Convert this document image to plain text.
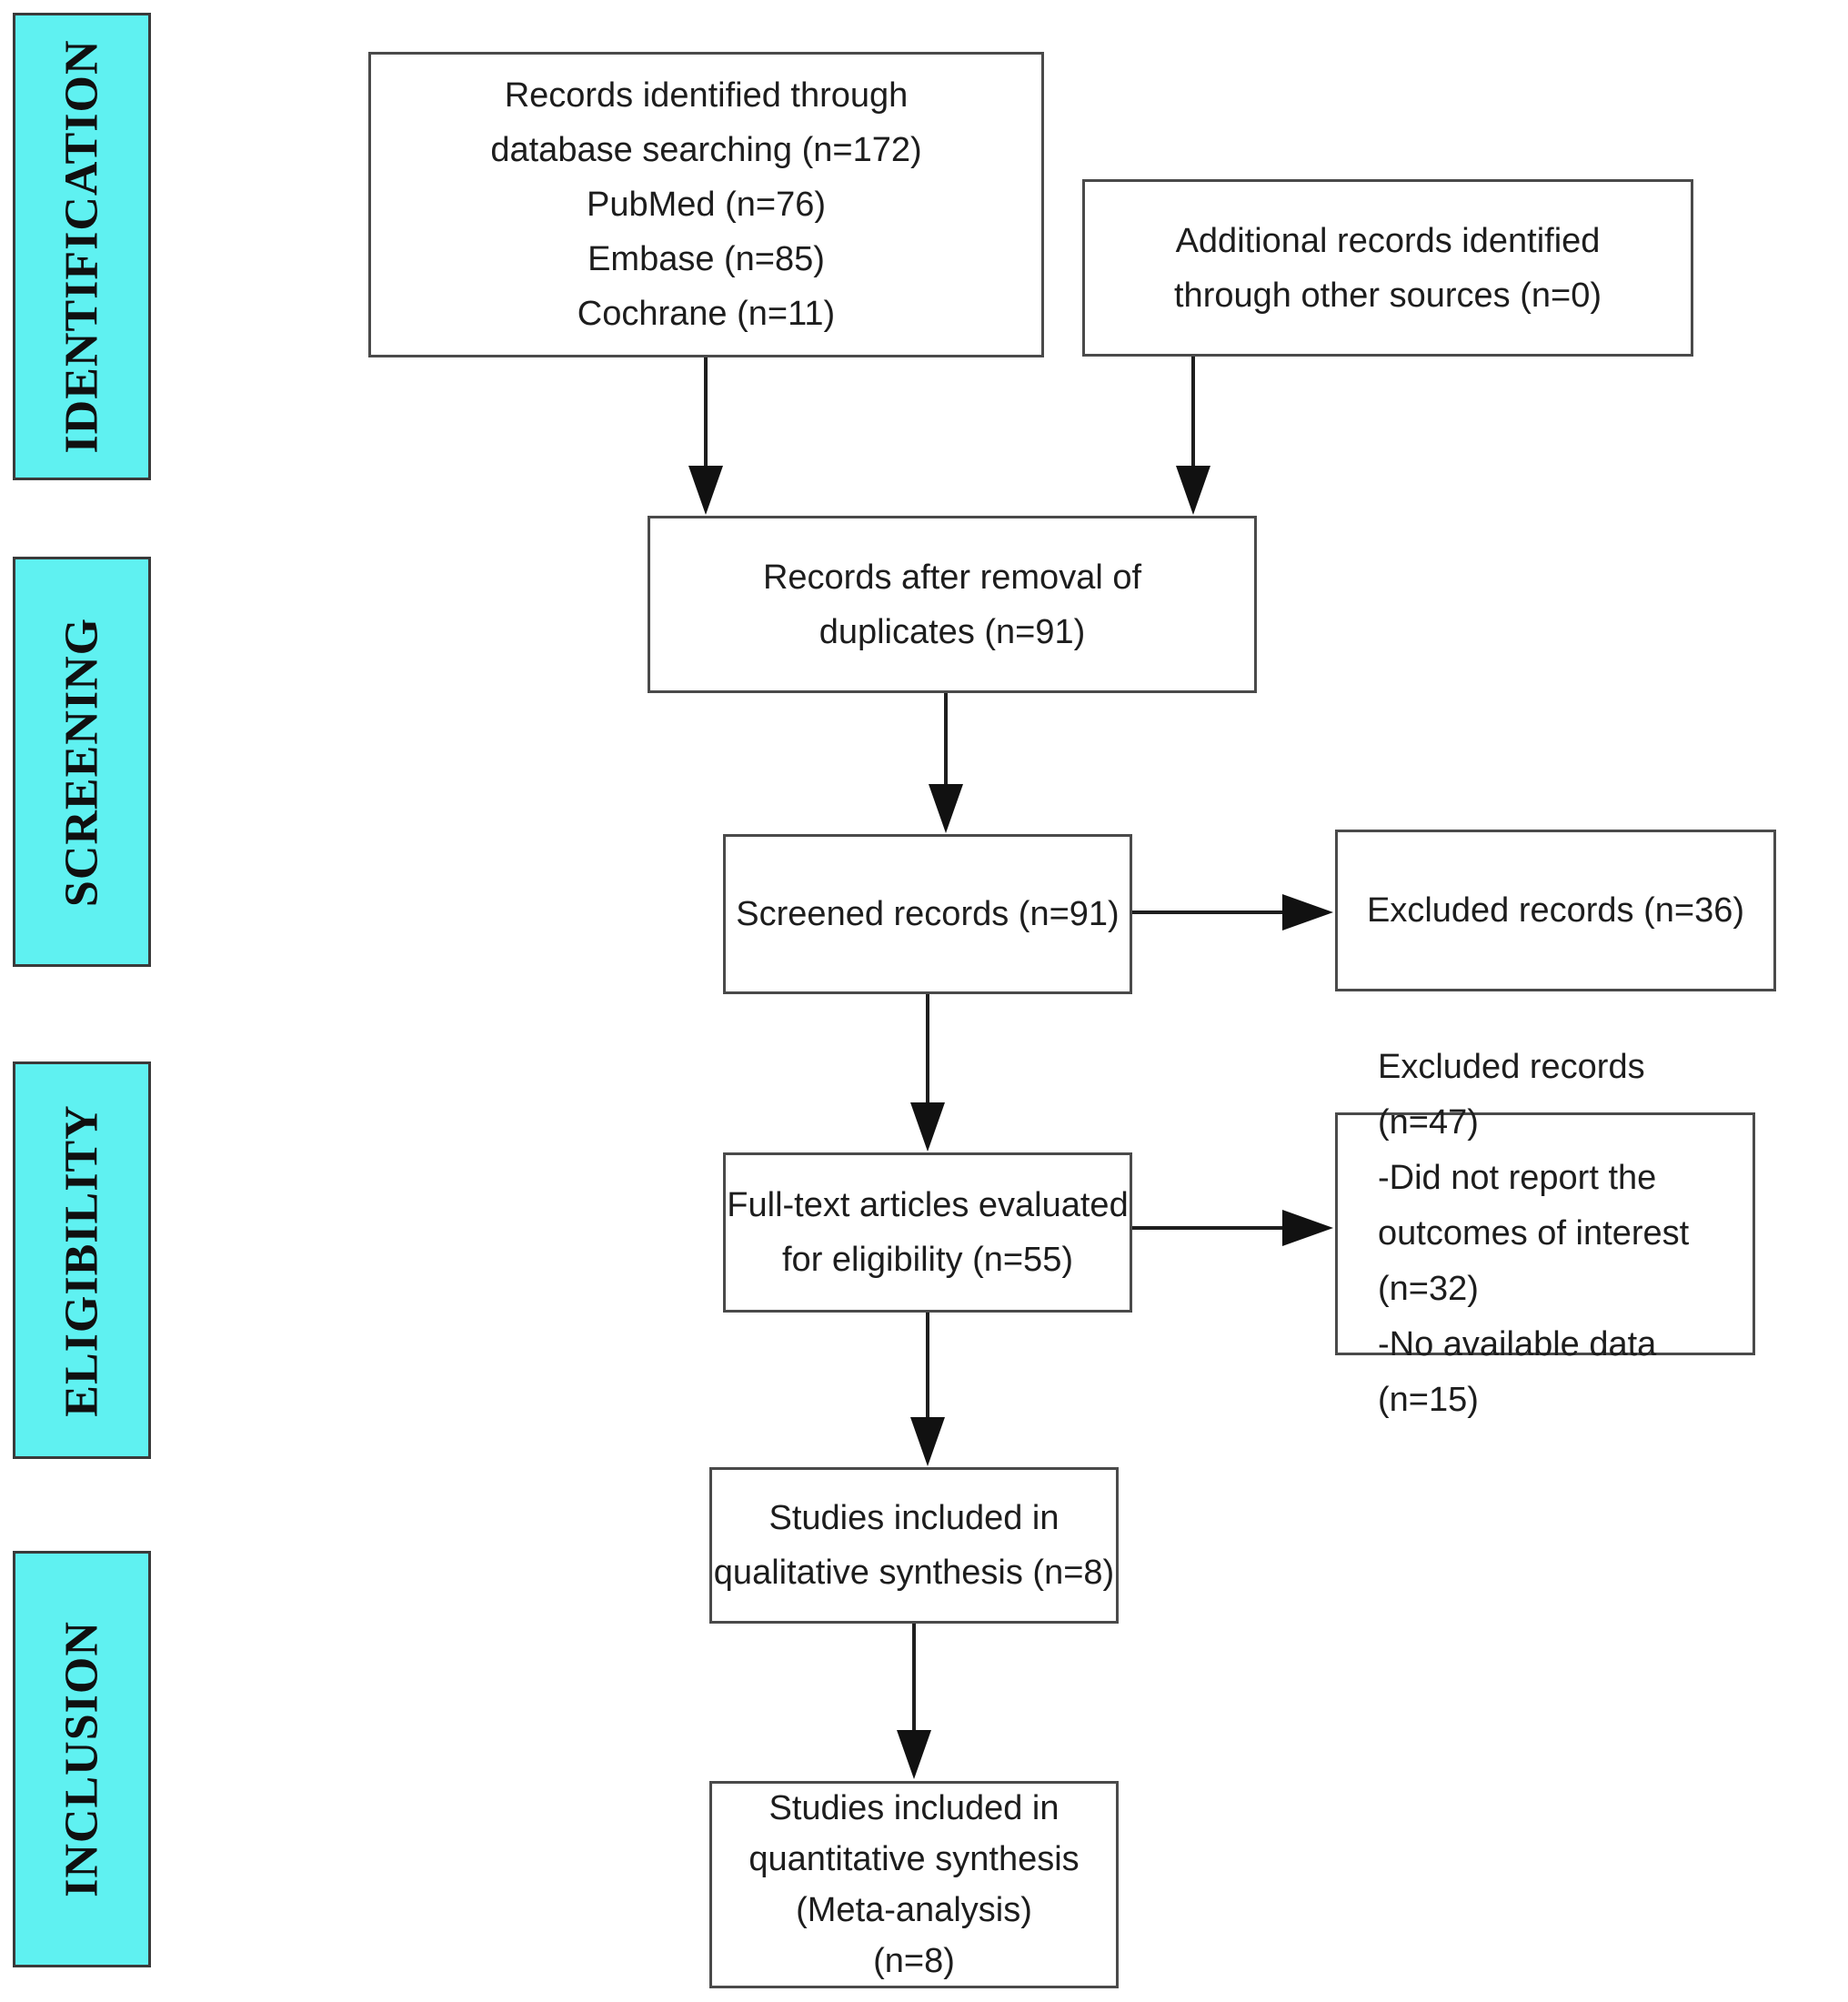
IDENTIFICATION
SCREENING
ELIGIBILITY
INCLUSION
Records identified through
database searching (n=172)
PubMed (n=76)
Embase (n=85)
Cochrane (n=11)
Additional records identified
through other sources (n=0)
Records after removal of
duplicates (n=91)
Screened records (n=91)	Excluded records (n=36)
Full-text articles evaluated
for eligibility (n=55)
Excluded records (n=47)
-Did not report the
outcomes of interest (n=32)
-No available data (n=15)
Studies included in
qualitative synthesis (n=8)
Studies included in
quantitative synthesis
(Meta-analysis)
(n=8)
